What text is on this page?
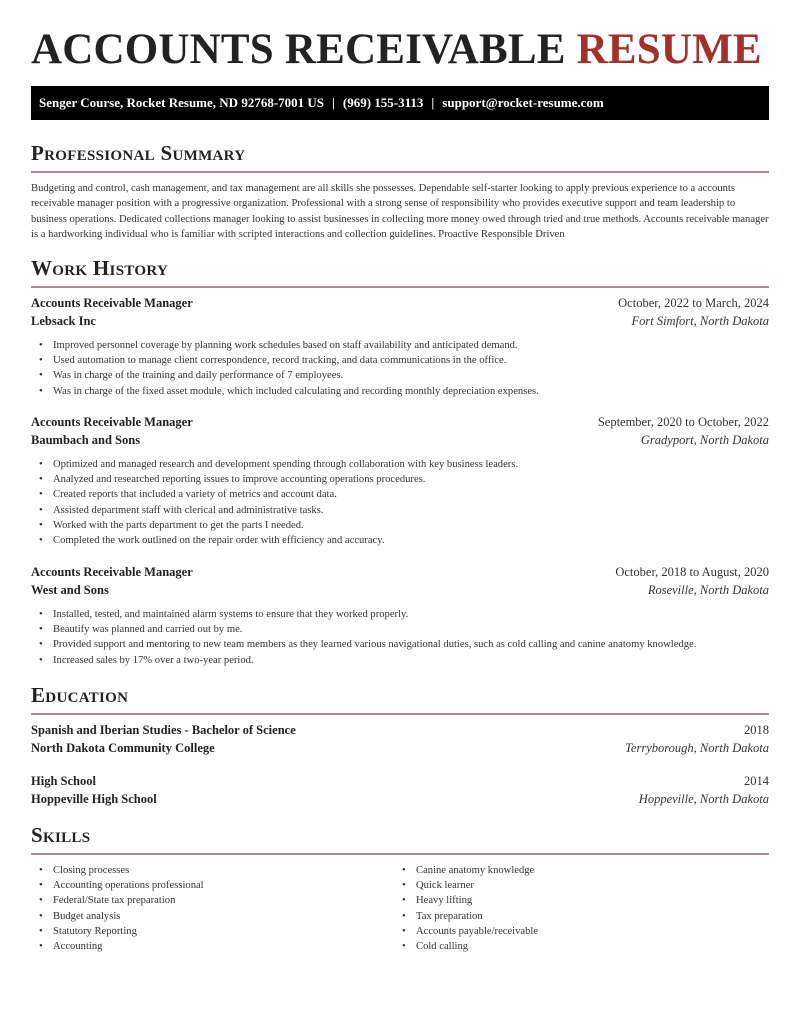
ACCOUNTS RECEIVABLE RESUME
Senger Course, Rocket Resume, ND 92768-7001 US | (969) 155-3113 | support@rocket-resume.com
Professional Summary

Budgeting and control, cash management, and tax management are all skills she possesses. Dependable self-starter looking to apply previous experience to a accounts receivable manager position with a progressive organization. Professional with a strong sense of responsibility who provides executive support and team leadership to business operations. Dedicated collections manager looking to assist businesses in collecting more money owed through tried and true methods. Accounts receivable manager is a hardworking individual who is familiar with scripted interactions and collection guidelines. Proactive Responsible Driven

Work History
Accounts Receivable Manager	October, 2022 to March, 2024
Lebsack Inc	Fort Simfort, North Dakota
• Improved personnel coverage by planning work schedules based on staff availability and anticipated demand.
• Used automation to manage client correspondence, record tracking, and data communications in the office.
• Was in charge of the training and daily performance of 7 employees.
• Was in charge of the fixed asset module, which included calculating and recording monthly depreciation expenses.
Accounts Receivable Manager	September, 2020 to October, 2022
Baumbach and Sons	Gradyport, North Dakota
• Optimized and managed research and development spending through collaboration with key business leaders.
• Analyzed and researched reporting issues to improve accounting operations procedures.
• Created reports that included a variety of metrics and account data.
• Assisted department staff with clerical and administrative tasks.
• Worked with the parts department to get the parts I needed.
• Completed the work outlined on the repair order with efficiency and accuracy.
Accounts Receivable Manager	October, 2018 to August, 2020
West and Sons	Roseville, North Dakota
• Installed, tested, and maintained alarm systems to ensure that they worked properly.
• Beautify was planned and carried out by me.
• Provided support and mentoring to new team members as they learned various navigational duties, such as cold calling and canine anatomy knowledge.
• Increased sales by 17% over a two-year period.
Education
Spanish and Iberian Studies - Bachelor of Science	2018
North Dakota Community College	Terryborough, North Dakota
High School	2014
Hoppeville High School	Hoppeville, North Dakota
Skills
• Closing processes
• Accounting operations professional
• Federal/State tax preparation
• Budget analysis
• Statutory Reporting
• Accounting
• Canine anatomy knowledge
• Quick learner
• Heavy lifting
• Tax preparation
• Accounts payable/receivable
• Cold calling
